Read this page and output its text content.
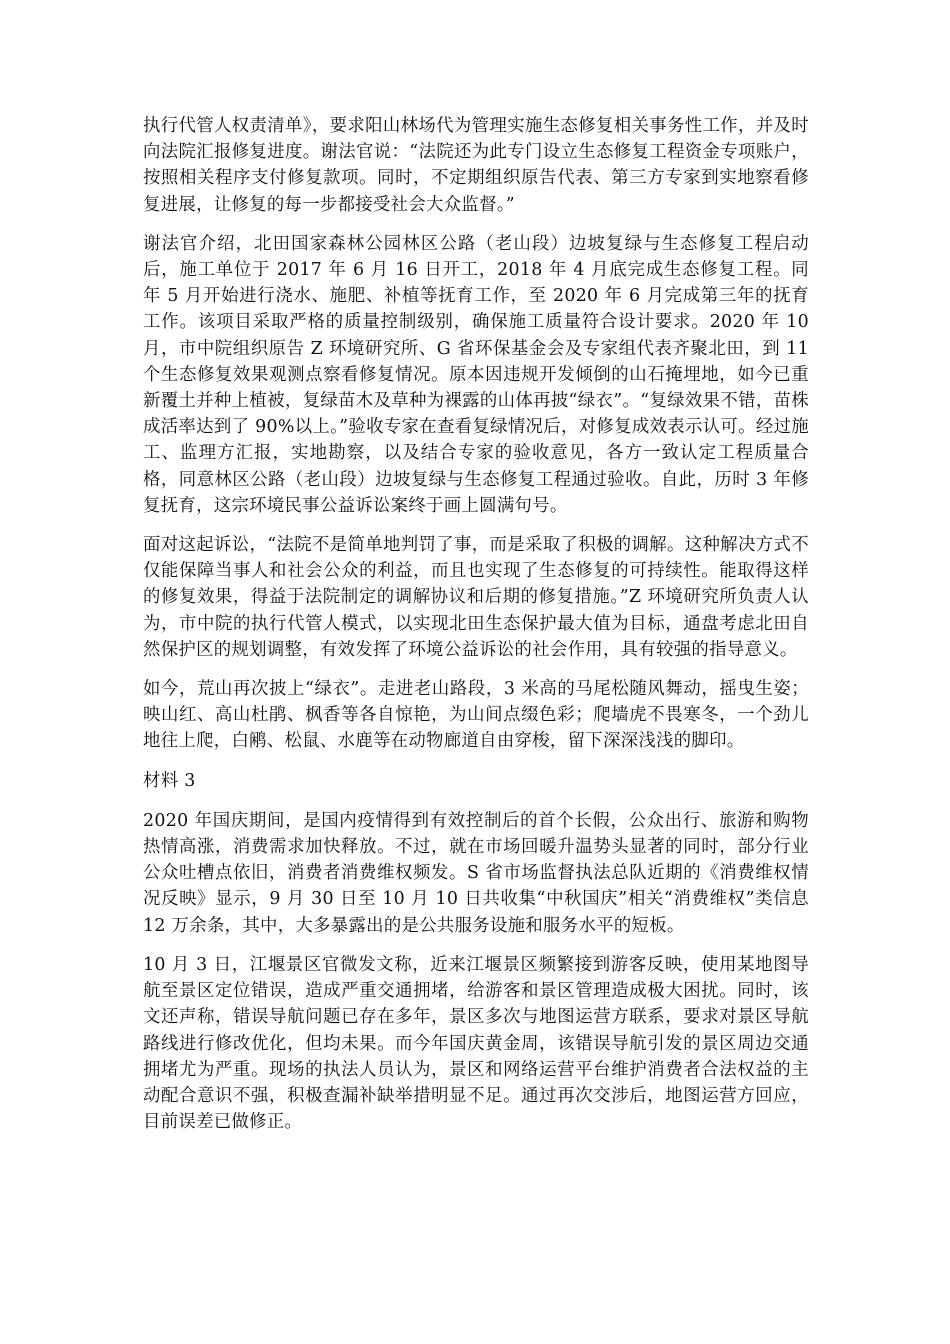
执行代管人权责清单》，要求阳山林场代为管理实施生态修复相关事务性工作，并及时向法院汇报修复进度。谢法官说：“法院还为此专门设立生态修复工程资金专项账户，按照相关程序支付修复款项。同时，不定期组织原告代表、第三方专家到实地察看修复进展，让修复的每一步都接受社会大众监督。”

谢法官介绍，北田国家森林公园林区公路（老山段）边坡复绿与生态修复工程启动后，施工单位于 2017 年 6 月 16 日开工，2018 年 4 月底完成生态修复工程。同年 5 月开始进行浇水、施肥、补植等抚育工作，至 2020 年 6 月完成第三年的抚育工作。该项目采取严格的质量控制级别，确保施工质量符合设计要求。2020 年 10 月，市中院组织原告 Z 环境研究所、G 省环保基金会及专家组代表齐聚北田，到 11 个生态修复效果观测点察看修复情况。原本因违规开发倾倒的山石掩埋地，如今已重新覆土并种上植被，复绿苗木及草种为裸露的山体再披“绿衣”。“复绿效果不错，苗株成活率达到了 90%以上。”验收专家在查看复绿情况后，对修复成效表示认可。经过施工、监理方汇报，实地勘察，以及结合专家的验收意见，各方一致认定工程质量合格，同意林区公路（老山段）边坡复绿与生态修复工程通过验收。自此，历时 3 年修复抚育，这宗环境民事公益诉讼案终于画上圆满句号。

面对这起诉讼，“法院不是简单地判罚了事，而是采取了积极的调解。这种解决方式不仅能保障当事人和社会公众的利益，而且也实现了生态修复的可持续性。能取得这样的修复效果，得益于法院制定的调解协议和后期的修复措施。”Z 环境研究所负责人认为，市中院的执行代管人模式，以实现北田生态保护最大值为目标，通盘考虑北田自然保护区的规划调整，有效发挥了环境公益诉讼的社会作用，具有较强的指导意义。

如今，荒山再次披上“绿衣”。走进老山路段，3 米高的马尾松随风舞动，摇曳生姿；映山红、高山杜鹃、枫香等各自惊艳，为山间点缀色彩；爬墙虎不畏寒冬，一个劲儿地往上爬，白鹇、松鼠、水鹿等在动物廊道自由穿梭，留下深深浅浅的脚印。

材料 3

2020 年国庆期间，是国内疫情得到有效控制后的首个长假，公众出行、旅游和购物热情高涨，消费需求加快释放。不过，就在市场回暖升温势头显著的同时，部分行业公众吐槽点依旧，消费者消费维权频发。S 省市场监督执法总队近期的《消费维权情况反映》显示，9 月 30 日至 10 月 10 日共收集“中秋国庆”相关“消费维权”类信息 12 万余条，其中，大多暴露出的是公共服务设施和服务水平的短板。

10 月 3 日，江堰景区官微发文称，近来江堰景区频繁接到游客反映，使用某地图导航至景区定位错误，造成严重交通拥堵，给游客和景区管理造成极大困扰。同时，该文还声称，错误导航问题已存在多年，景区多次与地图运营方联系，要求对景区导航路线进行修改优化，但均未果。而今年国庆黄金周，该错误导航引发的景区周边交通拥堵尤为严重。现场的执法人员认为，景区和网络运营平台维护消费者合法权益的主动配合意识不强，积极查漏补缺举措明显不足。通过再次交涉后，地图运营方回应，目前误差已做修正。
